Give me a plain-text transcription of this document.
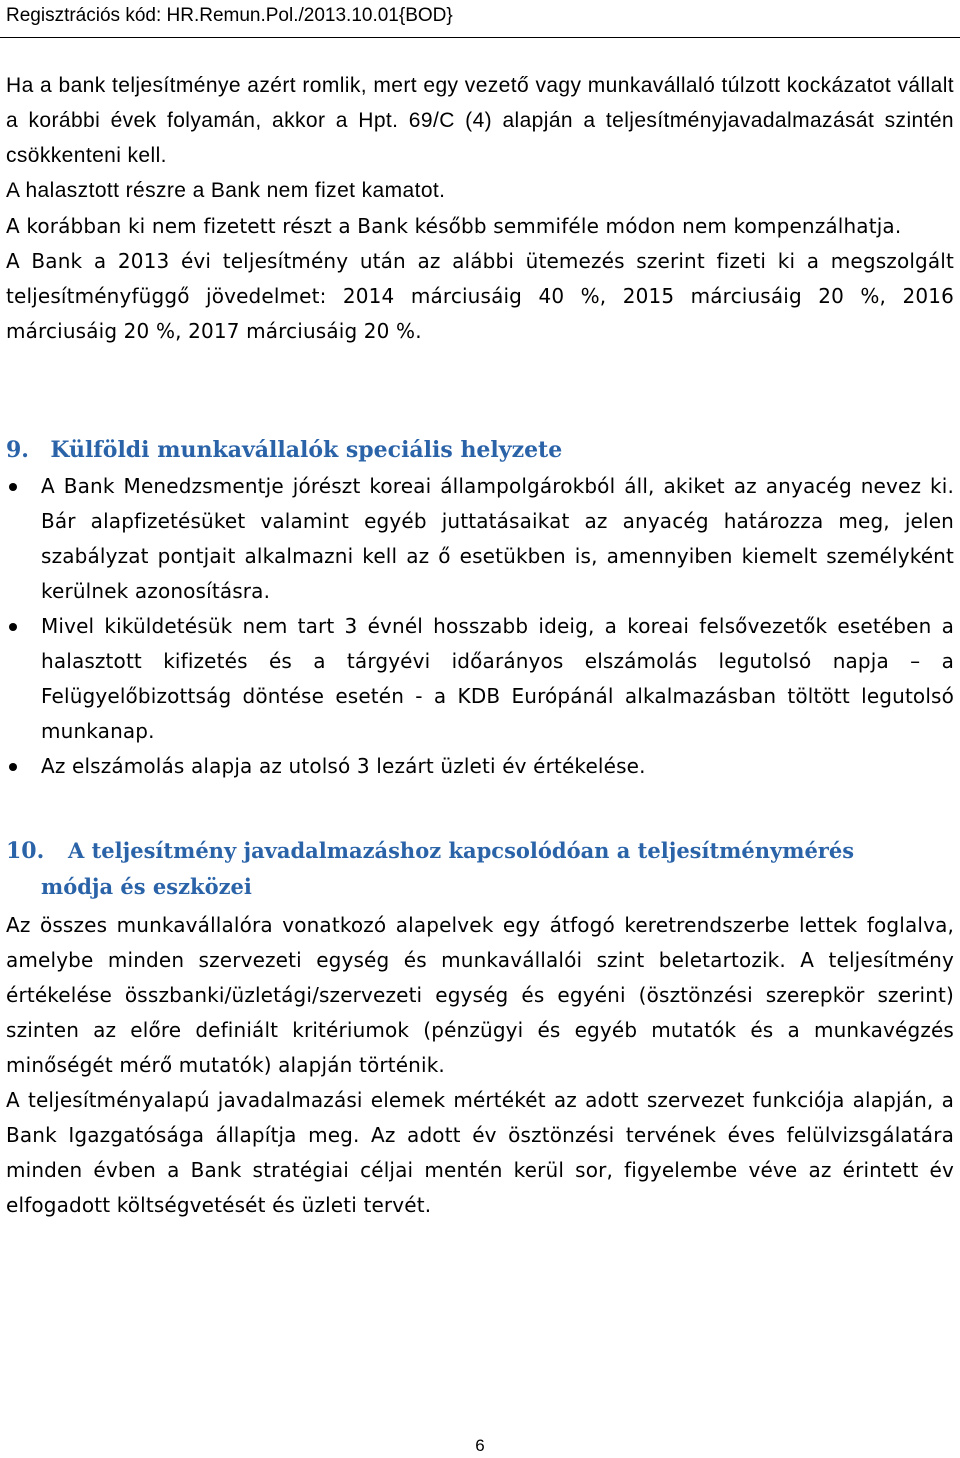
Regisztrációs kód: HR.Remun.Pol./2013.10.01{BOD}

Ha a bank teljesítménye azért romlik, mert egy vezető vagy munkavállaló túlzott kockázatot vállalt a korábbi évek folyamán, akkor a Hpt. 69/C (4) alapján a teljesítményjavadalmazását szintén csökkenteni kell.

A halasztott részre a Bank nem fizet kamatot.

A korábban ki nem fizetett részt a Bank később semmiféle módon nem kompenzálhatja.

A Bank a 2013 évi teljesítmény után az alábbi ütemezés szerint fizeti ki a megszolgált teljesítményfüggő jövedelmet: 2014 márciusáig 40 %, 2015 márciusáig 20 %, 2016 márciusáig 20 %, 2017 márciusáig 20 %.

9. Külföldi munkavállalók speciális helyzete
A Bank Menedzsmentje jórészt koreai állampolgárokból áll, akiket az anyacég nevez ki. Bár alapfizetésüket valamint egyéb juttatásaikat az anyacég határozza meg, jelen szabályzat pontjait alkalmazni kell az ő esetükben is, amennyiben kiemelt személyként kerülnek azonosításra.
Mivel kiküldetésük nem tart 3 évnél hosszabb ideig, a koreai felsővezetők esetében a halasztott kifizetés és a tárgyévi időarányos elszámolás legutolsó napja – a Felügyelőbizottság döntése esetén - a KDB Európánál alkalmazásban töltött legutolsó munkanap.
Az elszámolás alapja az utolsó 3 lezárt üzleti év értékelése.
10. A teljesítmény javadalmazáshoz kapcsolódóan a teljesítménymérés
módja és eszközei

Az összes munkavállalóra vonatkozó alapelvek egy átfogó keretrendszerbe lettek foglalva, amelybe minden szervezeti egység és munkavállalói szint beletartozik. A teljesítmény értékelése összbanki/üzletági/szervezeti egység és egyéni (ösztönzési szerepkör szerint) szinten az előre definiált kritériumok (pénzügyi és egyéb mutatók és a munkavégzés minőségét mérő mutatók) alapján történik.

A teljesítményalapú javadalmazási elemek mértékét az adott szervezet funkciója alapján, a Bank Igazgatósága állapítja meg. Az adott év ösztönzési tervének éves felülvizsgálatára minden évben a Bank stratégiai céljai mentén kerül sor, figyelembe véve az érintett év elfogadott költségvetését és üzleti tervét.

6
